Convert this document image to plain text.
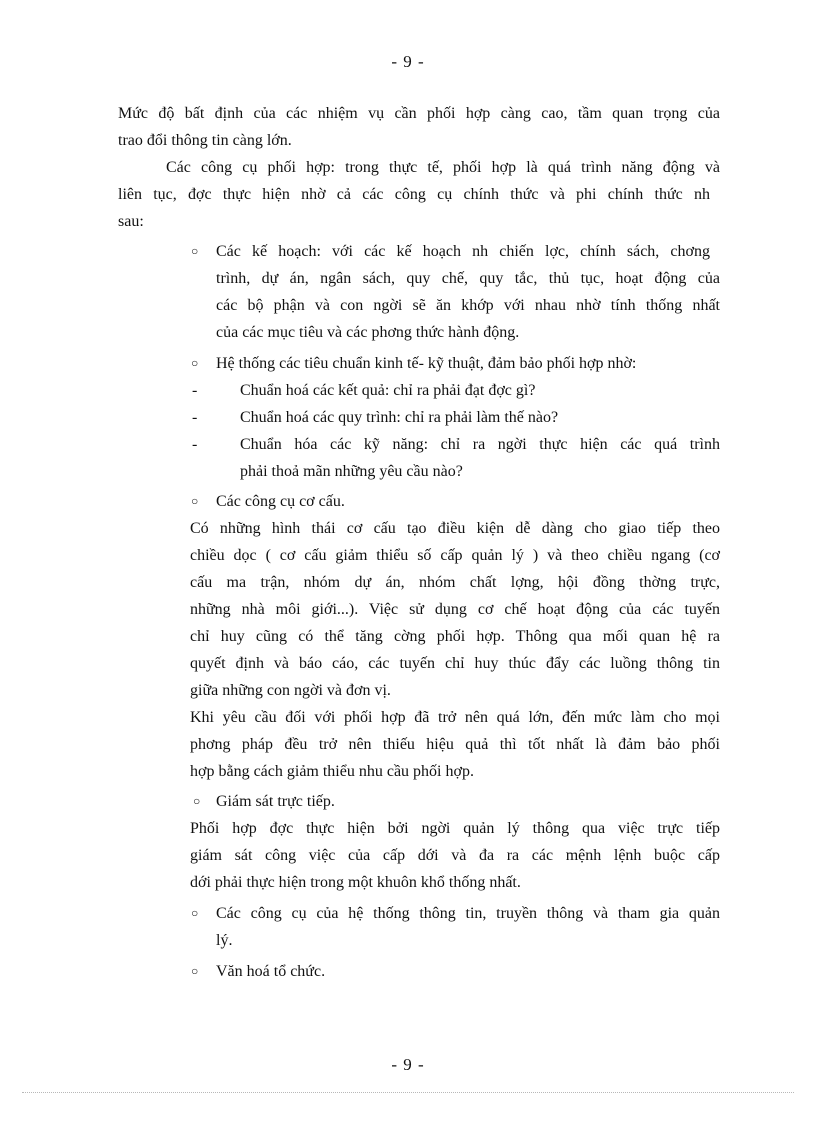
- 9 -
Mức độ bất định của các nhiệm vụ cần phối hợp càng cao, tầm quan trọng của
trao đổi thông tin càng lớn.
Các công cụ phối hợp: trong thực tế, phối hợp là quá trình năng động và
liên tục, đợc thực hiện nhờ cả các công cụ chính thức và phi chính thức nh
sau:
○ Các kế hoạch: với các kế hoạch nh chiến lợc, chính sách, chơng
trình, dự án, ngân sách, quy chế, quy tắc, thủ tục, hoạt động của
các bộ phận và con ngời sẽ ăn khớp với nhau nhờ tính thống nhất
của các mục tiêu và các phơng thức hành động.
○ Hệ thống các tiêu chuẩn kinh tế- kỹ thuật, đảm bảo phối hợp nhờ:
-	Chuẩn hoá các kết quả: chỉ ra phải đạt đợc gì?
-	Chuẩn hoá các quy trình: chỉ ra phải làm thế nào?
-	Chuẩn hóa các kỹ năng: chỉ ra ngời thực hiện các quá trình
phải thoả mãn những yêu cầu nào?
○ Các công cụ cơ cấu.
Có những hình thái cơ cấu tạo điều kiện dễ dàng cho giao tiếp theo
chiều dọc ( cơ cấu giảm thiểu số cấp quản lý ) và theo chiều ngang (cơ
cấu ma trận, nhóm dự án, nhóm chất lợng, hội đồng thờng trực,
những nhà môi giới...). Việc sử dụng cơ chế hoạt động của các tuyến
chỉ huy cũng có thể tăng cờng phối hợp. Thông qua mối quan hệ ra
quyết định và báo cáo, các tuyến chỉ huy thúc đẩy các luồng thông tin
giữa những con ngời và đơn vị.
Khi yêu cầu đối với phối hợp đã trở nên quá lớn, đến mức làm cho mọi
phơng pháp đều trở nên thiếu hiệu quả thì tốt nhất là đảm bảo phối
hợp bằng cách giảm thiểu nhu cầu phối hợp.
○ Giám sát trực tiếp.
Phối hợp đợc thực hiện bởi ngời quản lý thông qua việc trực tiếp
giám sát công việc của cấp dới và đa ra các mệnh lệnh buộc cấp
dới phải thực hiện trong một khuôn khổ thống nhất.
○ Các công cụ của hệ thống thông tin, truyền thông và tham gia quản
lý.
○ Văn hoá tổ chức.
- 9 -
